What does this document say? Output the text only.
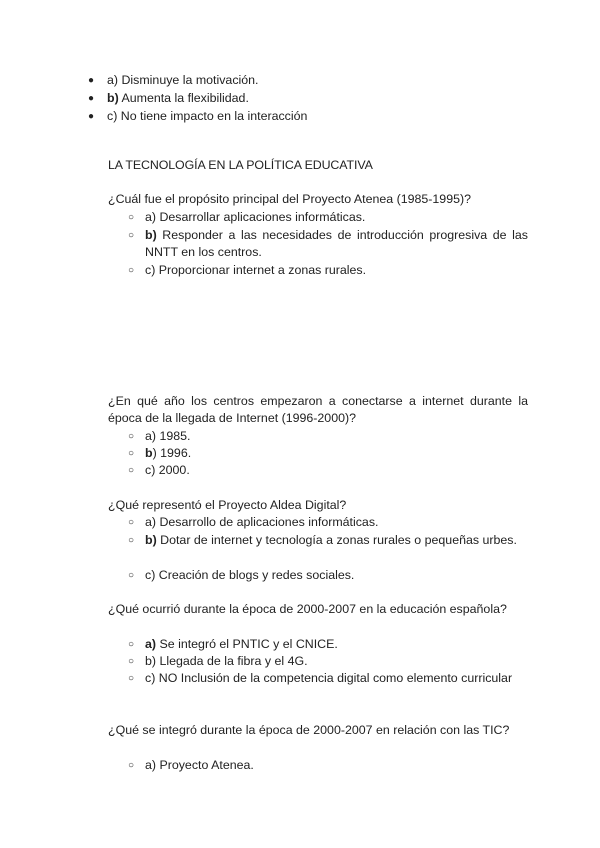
● a) Disminuye la motivación.
● b) Aumenta la flexibilidad.
● c) No tiene impacto en la interacción
LA TECNOLOGÍA EN LA POLÍTICA EDUCATIVA
¿Cuál fue el propósito principal del Proyecto Atenea (1985-1995)?
○ a) Desarrollar aplicaciones informáticas.
○ b) Responder a las necesidades de introducción progresiva de las NNTT en los centros.
○ c) Proporcionar internet a zonas rurales.
¿En qué año los centros empezaron a conectarse a internet durante la época de la llegada de Internet (1996-2000)?
○ a) 1985.
○ b) 1996.
○ c) 2000.
¿Qué representó el Proyecto Aldea Digital?
○ a) Desarrollo de aplicaciones informáticas.
○ b) Dotar de internet y tecnología a zonas rurales o pequeñas urbes.
○ c) Creación de blogs y redes sociales.
¿Qué ocurrió durante la época de 2000-2007 en la educación española?
○ a) Se integró el PNTIC y el CNICE.
○ b) Llegada de la fibra y el 4G.
○ c) NO Inclusión de la competencia digital como elemento curricular
¿Qué se integró durante la época de 2000-2007 en relación con las TIC?
○ a) Proyecto Atenea.
